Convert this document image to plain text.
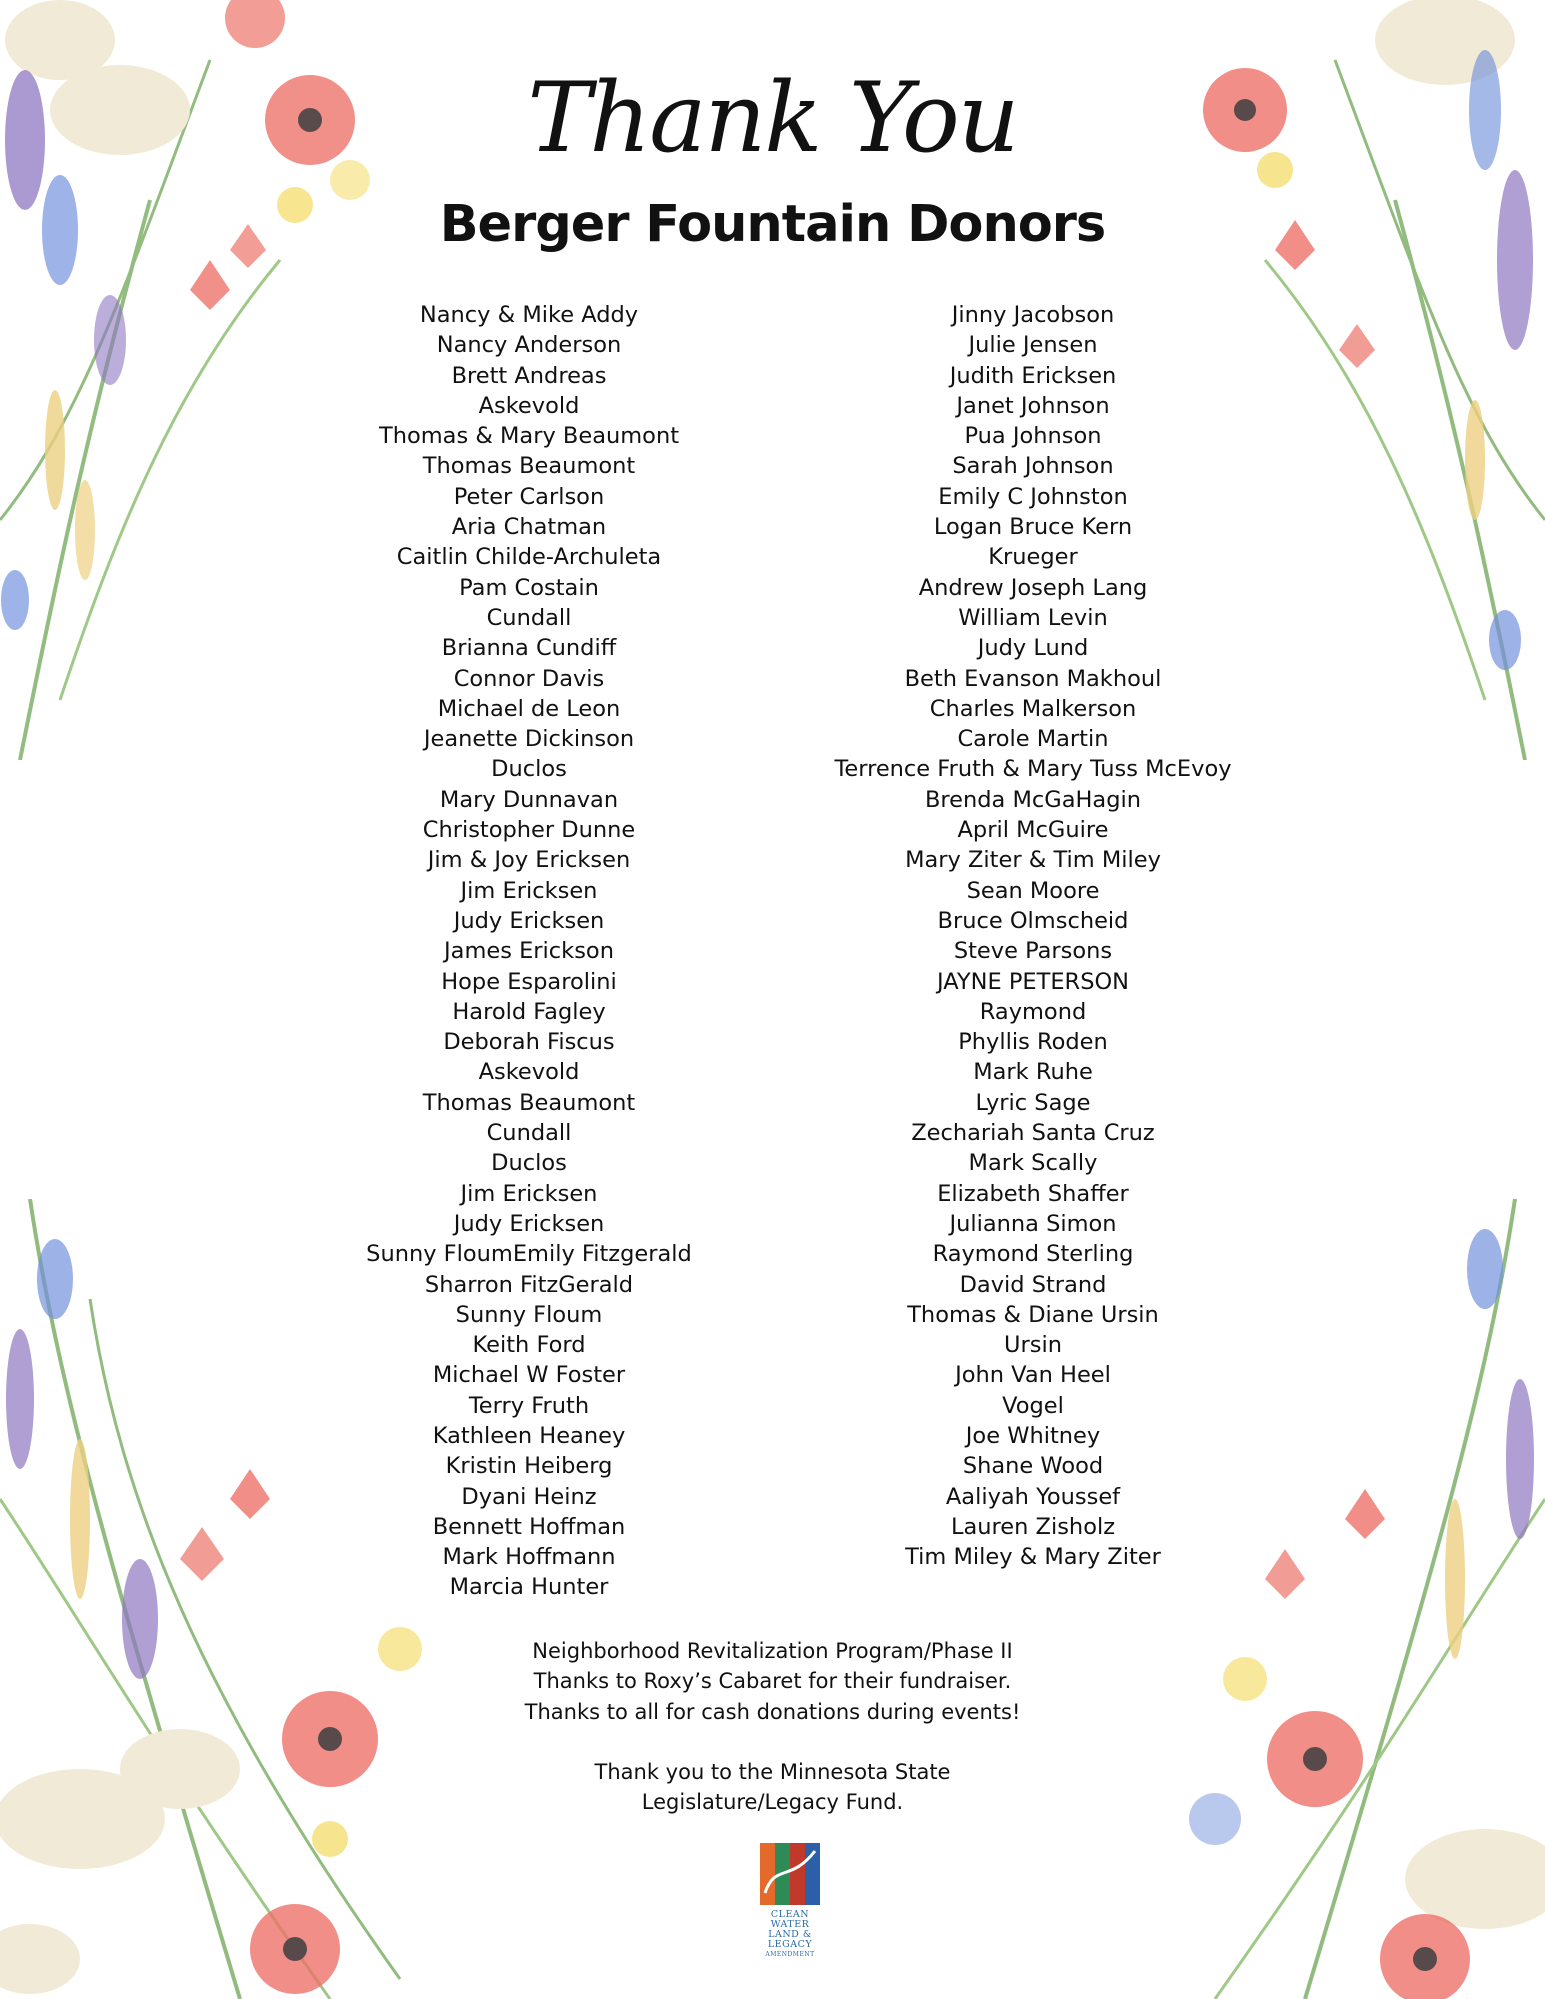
Thank You
Berger Fountain Donors
Nancy & Mike Addy
Nancy Anderson
Brett Andreas
Askevold
Thomas & Mary Beaumont
Thomas Beaumont
Peter Carlson
Aria Chatman
Caitlin Childe-Archuleta
Pam Costain
Cundall
Brianna Cundiff
Connor Davis
Michael de Leon
Jeanette Dickinson
Duclos
Mary Dunnavan
Christopher Dunne
Jim & Joy Ericksen
Jim Ericksen
Judy Ericksen
James Erickson
Hope Esparolini
Harold Fagley
Deborah Fiscus
Askevold
Thomas Beaumont
Cundall
Duclos
Jim Ericksen
Judy Ericksen
Sunny FloumEmily Fitzgerald
Sharron FitzGerald
Sunny Floum
Keith Ford
Michael W Foster
Terry Fruth
Kathleen Heaney
Kristin Heiberg
Dyani Heinz
Bennett Hoffman
Mark Hoffmann
Marcia Hunter
Jinny Jacobson
Julie Jensen
Judith Ericksen
Janet Johnson
Pua Johnson
Sarah Johnson
Emily C Johnston
Logan Bruce Kern
Krueger
Andrew Joseph Lang
William Levin
Judy Lund
Beth Evanson Makhoul
Charles Malkerson
Carole Martin
Terrence Fruth & Mary Tuss McEvoy
Brenda McGaHagin
April McGuire
Mary Ziter & Tim Miley
Sean Moore
Bruce Olmscheid
Steve Parsons
JAYNE PETERSON
Raymond
Phyllis Roden
Mark Ruhe
Lyric Sage
Zechariah Santa Cruz
Mark Scally
Elizabeth Shaffer
Julianna Simon
Raymond Sterling
David Strand
Thomas & Diane Ursin
Ursin
John Van Heel
Vogel
Joe Whitney
Shane Wood
Aaliyah Youssef
Lauren Zisholz
Tim Miley & Mary Ziter
Neighborhood Revitalization Program/Phase II
Thanks to Roxy’s Cabaret for their fundraiser.
Thanks to all for cash donations during events!
Thank you to the Minnesota State
Legislature/Legacy Fund.
CLEAN
WATER
LAND &
LEGACY
AMENDMENT
